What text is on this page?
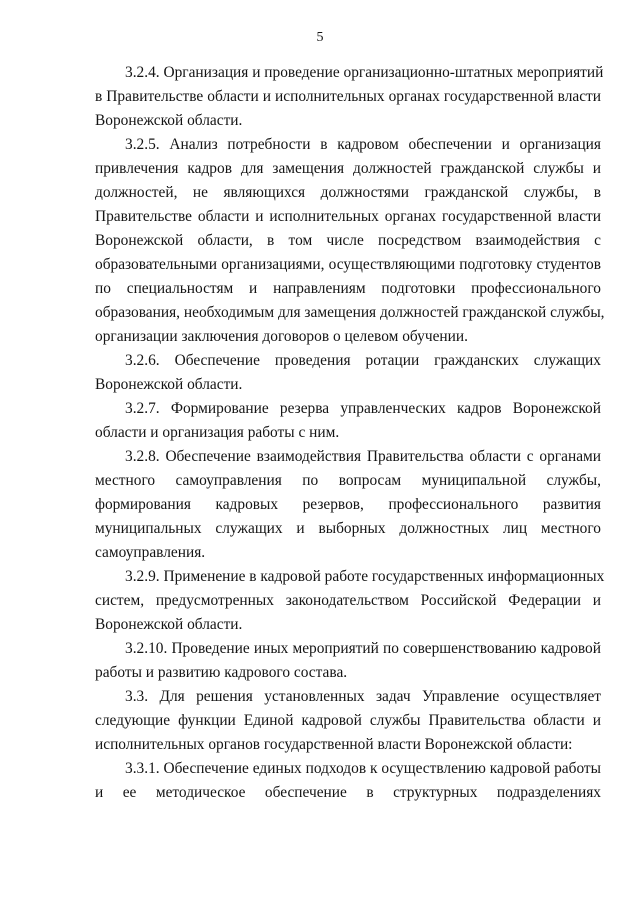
5
3.2.4. Организация и проведение организационно-штатных мероприятий
в Правительстве области и исполнительных органах государственной власти
Воронежской области.
3.2.5. Анализ потребности в кадровом обеспечении и организация
привлечения кадров для замещения должностей гражданской службы и
должностей, не являющихся должностями гражданской службы, в
Правительстве области и исполнительных органах государственной власти
Воронежской области, в том числе посредством взаимодействия с
образовательными организациями, осуществляющими подготовку студентов
по специальностям и направлениям подготовки профессионального
образования, необходимым для замещения должностей гражданской службы,
организации заключения договоров о целевом обучении.
3.2.6. Обеспечение проведения ротации гражданских служащих
Воронежской области.
3.2.7. Формирование резерва управленческих кадров Воронежской
области и организация работы с ним.
3.2.8. Обеспечение взаимодействия Правительства области с органами
местного самоуправления по вопросам муниципальной службы,
формирования кадровых резервов, профессионального развития
муниципальных служащих и выборных должностных лиц местного
самоуправления.
3.2.9. Применение в кадровой работе государственных информационных
систем, предусмотренных законодательством Российской Федерации и
Воронежской области.
3.2.10. Проведение иных мероприятий по совершенствованию кадровой
работы и развитию кадрового состава.
3.3. Для решения установленных задач Управление осуществляет
следующие функции Единой кадровой службы Правительства области и
исполнительных органов государственной власти Воронежской области:
3.3.1. Обеспечение единых подходов к осуществлению кадровой работы
и ее методическое обеспечение в структурных подразделениях
